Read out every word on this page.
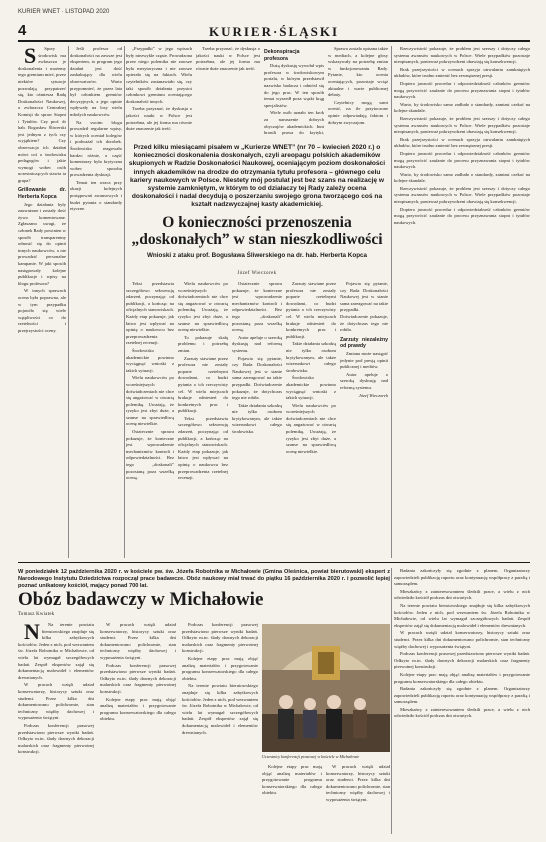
KURIER WNET · LISTOPAD 2020
4	KURIER·ŚLĄSKI

S Spory środowisk ma zwłaszcza je doskonalenia i możemy tego gremium mieć, przez niektóre sytuacje pozwalają przypatrzeć się, kto ośmiesza Radę Doskonałości Naukowej, a zwłaszcza Centralnej Komisji do spraw Stopni i Tytułów. Czy prof. dr hab. Bogusław Śliwerski jest jednym z tych czy wyjątkiem? Czy obserwacja ich działań mówi coś o środowisku pedagogów i jakie wymogi wobec osób uczestniczących stawia ta grupa?

Grillowanie dr. Herberta Kopca

Jego działania były zauważone i zostały dość żywo komentowane. Zgłaszano uwagi, że członek Rady powinien w sposób transparentny odnosić się do opinii innych naukowców, a nie prowadzić personalne kampanie. W jaki sposób następowały kolejne publikacje i wpisy na blogu profesora?

W innych sprawach ocena była poprawna, ale w tym przypadku pojawiło się wiele wątpliwości co do rzetelności i przejrzystości oceny.

Jeśli profesor od doskonałości na zawsze jest ekspertem, to program jego działań jest dość zaskakujący dla wielu obserwatorów. Warto przypomnieć, że przez lata był członkiem gremiów decyzyjnych, a jego opinie wpływały na losy wielu młodych naukowców.

Na swoim blogu prowadził regularne wpisy, w których oceniał kolegów i podważał ich dorobek. Środowisko reagowało bardzo różnie, a część komentarzy była krytyczna wobec sposobu prowadzenia dyskusji.

Temat ten wraca przy okazji kolejnych postępowań awansowych i budzi pytania o standardy etyczne.

„Przypadki” w jego wpisach były niezwykle częste. Prowadzona przez niego polemika nie zawsze była merytoryczna i nie zawsze opierała się na faktach. Wielu czytelników zastanawiało się, czy taki sposób działania przystoi członkowi gremium oceniającego doskonałość innych.

Trzeba przyznać, że dyskusja o jakości nauki w Polsce jest potrzebna, ale jej forma ma równie duże znaczenie jak treść.

Trzeba przyznać, że dyskusja o jakości nauki w Polsce jest potrzebna, ale jej forma ma równie duże znaczenie jak treść.

Dekonspiracja profesora

Dużą dyskusję wywołał wpis profesora w środowiskowym portalu, w którym przedstawił nazwisko badacza i odniósł się do jego prac. W ten sposób temat wyszedł poza wąski krąg specjalistów.

Wiele osób uznało ten krok za naruszenie dobrych obyczajów akademickich. Inni bronili prawa do krytyki,

Sprawa została opisana także w mediach, a kolejne głosy wskazywały na potrzebę zmian w funkcjonowaniu Rady. Pytanie, kto ocenia oceniających, pozostaje wciąż aktualne i warte publicznej debaty.

Czytelnicy mogą sami ocenić, na ile przytoczone opinie odpowiadają faktom i dobrym zwyczajom.

Rzeczywistość pokazuje, że problem jest szerszy i dotyczy całego systemu awansów naukowych w Polsce. Wiele przypadków pozostaje nieopisanych, ponieważ pokrzywdzeni obawiają się konsekwencji.

Brak przejrzystości w ocenach sprzyja utrwalaniu zamkniętych układów, które trudno zmienić bez zewnętrznej presji.

Dopiero jawność procedur i odpowiedzialność członków gremiów mogą przywrócić zaufanie do procesu przyznawania stopni i tytułów naukowych.

Warto, by środowisko samo zadbało o standardy, zamiast czekać na kolejne skandale.

Rzeczywistość pokazuje, że problem jest szerszy i dotyczy całego systemu awansów naukowych w Polsce. Wiele przypadków pozostaje nieopisanych, ponieważ pokrzywdzeni obawiają się konsekwencji.

Brak przejrzystości w ocenach sprzyja utrwalaniu zamkniętych układów, które trudno zmienić bez zewnętrznej presji.

Dopiero jawność procedur i odpowiedzialność członków gremiów mogą przywrócić zaufanie do procesu przyznawania stopni i tytułów naukowych.

Warto, by środowisko samo zadbało o standardy, zamiast czekać na kolejne skandale.

Rzeczywistość pokazuje, że problem jest szerszy i dotyczy całego systemu awansów naukowych w Polsce. Wiele przypadków pozostaje nieopisanych, ponieważ pokrzywdzeni obawiają się konsekwencji.

Dopiero jawność procedur i odpowiedzialność członków gremiów mogą przywrócić zaufanie do procesu przyznawania stopni i tytułów naukowych.

Przed kilku miesiącami pisałem w „Kurierze WNET” (nr 70 – kwiecień 2020 r.) o konieczności doskonalenia doskonałych, czyli areopagu polskich akademików skupionych w Radzie Doskonałości Naukowej, oceniającym poziom doskonałości innych akademików na drodze do otrzymania tytułu profesora – głównego celu kariery naukowych w Polsce. Niestety mój postulat jest bez szans na realizację w systemie zamkniętym, w którym to od działaczy tej Rady zależy ocena doskonałości i nadal decydują o poszerzaniu swojego grona tworzącego coś na kształt nadzwyczajnej kasty akademickiej.
O konieczności przenoszenia „doskonałych” w stan nieszkodliwości
Wnioski z ataku prof. Bogusława Śliwerskiego na dr. hab. Herberta Kopca
Józef Wieczorek

Tekst przedstawia szczegółowo sekwencję zdarzeń, poczynając od publikacji, a kończąc na oficjalnych stanowiskach. Każdy etap pokazuje, jak łatwo jest wpływać na opinię o naukowcu bez przeprowadzenia rzetelnej recenzji.

Środowisko akademickie powinno wyciągnąć wnioski z takich sytuacji.

Wielu naukowców po wcześniejszych doświadczeniach nie chce się angażować w otwartą polemikę. Uważają, że ryzyko jest zbyt duże, a szanse na sprawiedliwą ocenę niewielkie.

Ostatecznie sprawa pokazuje, że konieczne jest wprowadzenie mechanizmów kontroli i odpowiedzialności. Bez tego „doskonali” pozostaną poza wszelką oceną.

Wielu naukowców po wcześniejszych doświadczeniach nie chce się angażować w otwartą polemikę. Uważają, że ryzyko jest zbyt duże, a szanse na sprawiedliwą ocenę niewielkie.

To pokazuje skalę problemu i potrzebę zmian.

Zarzuty stawiane przez profesora nie zostały poparte rzetelnymi dowodami, co budzi pytania o ich rzeczywisty cel. W wielu miejscach brakuje odniesień do konkretnych prac i publikacji.

Tekst przedstawia szczegółowo sekwencję zdarzeń, poczynając od publikacji, a kończąc na oficjalnych stanowiskach. Każdy etap pokazuje, jak łatwo jest wpływać na opinię o naukowcu bez przeprowadzenia rzetelnej recenzji.

Ostatecznie sprawa pokazuje, że konieczne jest wprowadzenie mechanizmów kontroli i odpowiedzialności. Bez tego „doskonali” pozostaną poza wszelką oceną.

Autor apeluje o szeroką dyskusję nad reformą systemu.

Pojawia się pytanie, czy Rada Doskonałości Naukowej jest w stanie sama zareagować na takie przypadki. Doświadczenie pokazuje, że dotychczas tego nie robiła.

Takie działania szkodzą nie tylko osobom krytykowanym, ale także wizerunkowi całego środowiska.

Zarzuty stawiane przez profesora nie zostały poparte rzetelnymi dowodami, co budzi pytania o ich rzeczywisty cel. W wielu miejscach brakuje odniesień do konkretnych prac i publikacji.

Takie działania szkodzą nie tylko osobom krytykowanym, ale także wizerunkowi całego środowiska.

Środowisko akademickie powinno wyciągnąć wnioski z takich sytuacji.

Wielu naukowców po wcześniejszych doświadczeniach nie chce się angażować w otwartą polemikę. Uważają, że ryzyko jest zbyt duże, a szanse na sprawiedliwą ocenę niewielkie.

Pojawia się pytanie, czy Rada Doskonałości Naukowej jest w stanie sama zareagować na takie przypadki. Doświadczenie pokazuje, że dotychczas tego nie robiła.

Zarzuty niezależny od prawdy

Zmiana może nastąpić jedynie pod presją opinii publicznej i mediów.

Autor apeluje o szeroką dyskusję nad reformą systemu.

Józef Wieczorek
W poniedziałek 12 października 2020 r. w kościele pw. św. Józefa Robotnika w Michałowie (Gmina Oleśnica, powiat bierutowski) ekspert z Narodowego Instytutu Dziedzictwa rozpoczął prace badawcze. Obóz naukowy miał trwać do piątku 16 października 2020 r. i pozwolić lepiej poznać unikatowy kościół, mający ponad 700 lat.
Obóz badawczy w Michałowie
Tomasz Kwiatek

N Na terenie powiatu bierutowskiego znajduje się kilka zabytkowych kościołów. Jeden z nich, pod wezwaniem św. Józefa Robotnika w Michałowie, od wielu lat wymagał szczegółowych badań. Zespół ekspertów zajął się dokumentacją malowideł i elementów drewnianych.

W pracach wzięli udział konserwatorzy, historycy sztuki oraz studenci. Przez kilka dni dokumentowano polichromie, stan techniczny więźby dachowej i wyposażenia świątyni.

Podczas konferencji prasowej przedstawiono pierwsze wyniki badań. Odkryto m.in. ślady dawnych dekoracji malarskich oraz fragmenty pierwotnej konstrukcji.

W pracach wzięli udział konserwatorzy, historycy sztuki oraz studenci. Przez kilka dni dokumentowano polichromie, stan techniczny więźby dachowej i wyposażenia świątyni.

Podczas konferencji prasowej przedstawiono pierwsze wyniki badań. Odkryto m.in. ślady dawnych dekoracji malarskich oraz fragmenty pierwotnej konstrukcji.

Kolejne etapy prac mają objąć analizę materiałów i przygotowanie programu konserwatorskiego dla całego obiektu.

Podczas konferencji prasowej przedstawiono pierwsze wyniki badań. Odkryto m.in. ślady dawnych dekoracji malarskich oraz fragmenty pierwotnej konstrukcji.

Kolejne etapy prac mają objąć analizę materiałów i przygotowanie programu konserwatorskiego dla całego obiektu.

Na terenie powiatu bierutowskiego znajduje się kilka zabytkowych kościołów. Jeden z nich, pod wezwaniem św. Józefa Robotnika w Michałowie, od wielu lat wymagał szczegółowych badań. Zespół ekspertów zajął się dokumentacją malowideł i elementów drewnianych.

Uczestnicy konferencji prasowej w kościele w Michałowie

Kolejne etapy prac mają objąć analizę materiałów i przygotowanie programu konserwatorskiego dla całego obiektu.

W pracach wzięli udział konserwatorzy, historycy sztuki oraz studenci. Przez kilka dni dokumentowano polichromie, stan techniczny więźby dachowej i wyposażenia świątyni.

Badania zakończyły się zgodnie z planem. Organizatorzy zapowiedzieli publikację raportu oraz kontynuację współpracy z parafią i samorządem.

Mieszkańcy z zainteresowaniem śledzili prace, a wielu z nich odwiedziło kościół podczas dni otwartych.

Na terenie powiatu bierutowskiego znajduje się kilka zabytkowych kościołów. Jeden z nich, pod wezwaniem św. Józefa Robotnika w Michałowie, od wielu lat wymagał szczegółowych badań. Zespół ekspertów zajął się dokumentacją malowideł i elementów drewnianych.

W pracach wzięli udział konserwatorzy, historycy sztuki oraz studenci. Przez kilka dni dokumentowano polichromie, stan techniczny więźby dachowej i wyposażenia świątyni.

Podczas konferencji prasowej przedstawiono pierwsze wyniki badań. Odkryto m.in. ślady dawnych dekoracji malarskich oraz fragmenty pierwotnej konstrukcji.

Kolejne etapy prac mają objąć analizę materiałów i przygotowanie programu konserwatorskiego dla całego obiektu.

Badania zakończyły się zgodnie z planem. Organizatorzy zapowiedzieli publikację raportu oraz kontynuację współpracy z parafią i samorządem.

Mieszkańcy z zainteresowaniem śledzili prace, a wielu z nich odwiedziło kościół podczas dni otwartych.
